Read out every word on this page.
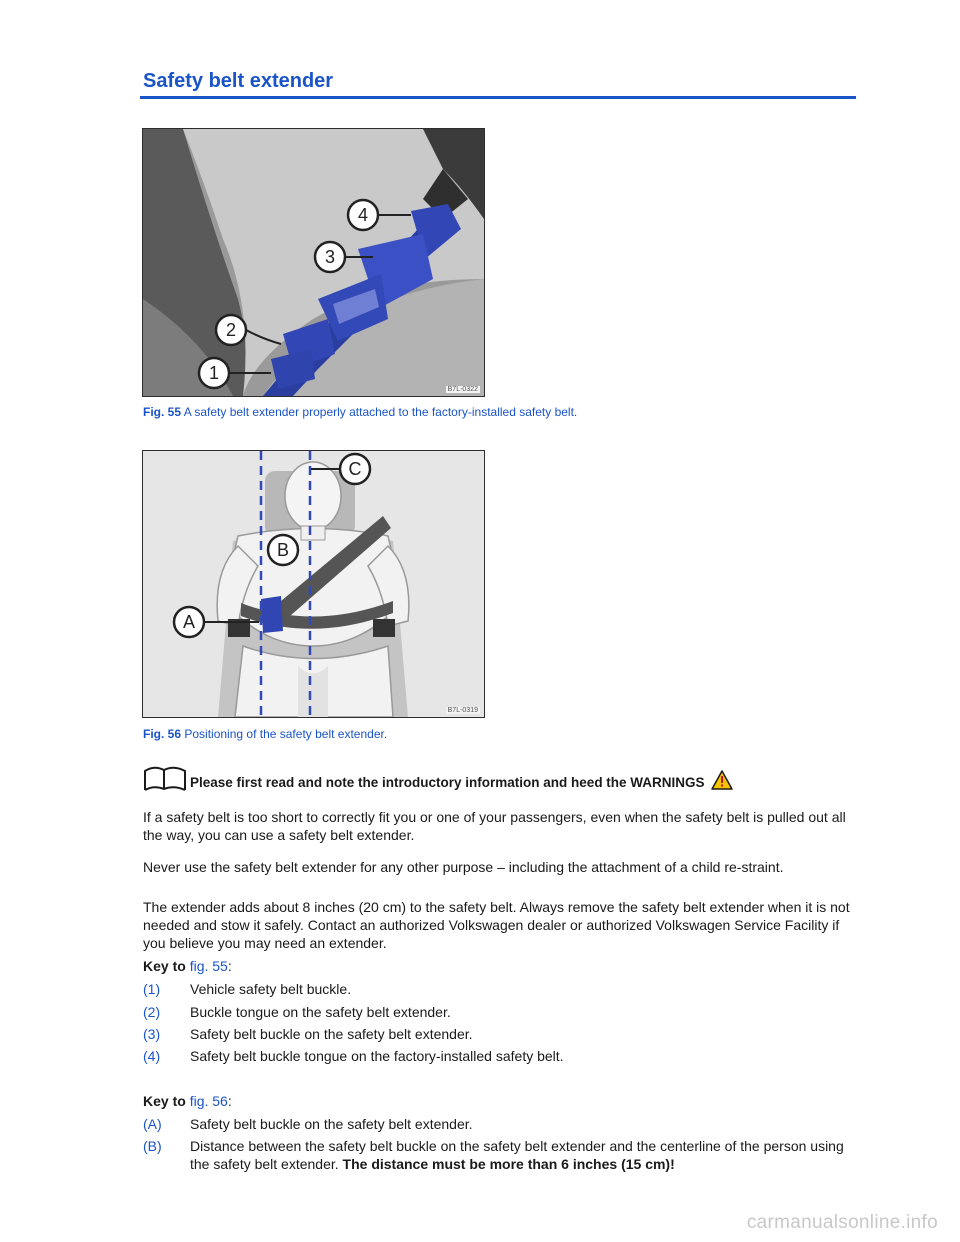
Safety belt extender
4
3
2
1
B7L-0322
Fig. 55 A safety belt extender properly attached to the factory-installed safety belt.
C
B
A
B7L-0319
Fig. 56 Positioning of the safety belt extender.
Please first read and note the introductory information and heed the WARNINGS

If a safety belt is too short to correctly fit you or one of your passengers, even when the safety belt is pulled out all the way, you can use a safety belt extender.

Never use the safety belt extender for any other purpose – including the attachment of a child re-straint.

The extender adds about 8 inches (20 cm) to the safety belt. Always remove the safety belt extender when it is not needed and stow it safely. Contact an authorized Volkswagen dealer or authorized Volkswagen Service Facility if you believe you may need an extender.

Key to fig. 55:
(1)	Vehicle safety belt buckle.
(2)	Buckle tongue on the safety belt extender.
(3)	Safety belt buckle on the safety belt extender.
(4)	Safety belt buckle tongue on the factory-installed safety belt.
Key to fig. 56:
(A)	Safety belt buckle on the safety belt extender.
(B)	Distance between the safety belt buckle on the safety belt extender and the centerline of the person using the safety belt extender. The distance must be more than 6 inches (15 cm)!
carmanualsonline.info
